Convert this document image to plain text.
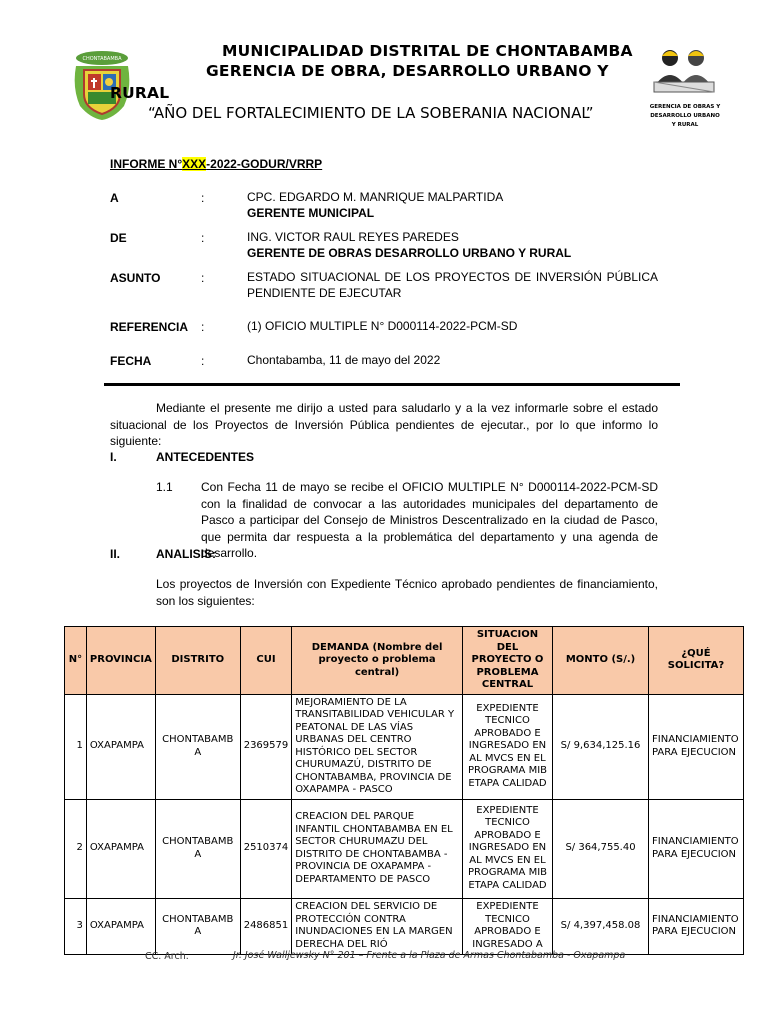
CHONTABAMBA	MUNICIPALIDAD DISTRITAL DE CHONTABAMBA
GERENCIA DE OBRA, DESARROLLO URBANO Y
RURAL
“AÑO DEL FORTALECIMIENTO DE LA SOBERANIA NACIONAL”	GERENCIA DE OBRAS Y
DESARROLLO URBANO Y RURAL
INFORME N°XXX-2022-GODUR/VRRP
A	:	CPC. EDGARDO M. MANRIQUE MALPARTIDA
GERENTE MUNICIPAL
DE	:	ING. VICTOR RAUL REYES PAREDES
GERENTE DE OBRAS DESARROLLO URBANO Y RURAL
ASUNTO	:	ESTADO SITUACIONAL DE LOS PROYECTOS DE INVERSIÓN PÚBLICA PENDIENTE DE EJECUTAR
REFERENCIA :	(1) OFICIO MULTIPLE N° D000114-2022-PCM-SD
FECHA	:	Chontabamba, 11 de mayo del 2022
Mediante el presente me dirijo a usted para saludarlo y a la vez informarle sobre el estado situacional de los Proyectos de Inversión Pública pendientes de ejecutar., por lo que informo lo siguiente:
I.	ANTECEDENTES
1.1 Con Fecha 11 de mayo se recibe el OFICIO MULTIPLE N° D000114-2022-PCM-SD con la finalidad de convocar a las autoridades municipales del departamento de Pasco a participar del Consejo de Ministros Descentralizado en la ciudad de Pasco, que permita dar respuesta a la problemática del departamento y una agenda de desarrollo.
II.	ANALISIS:
Los proyectos de Inversión con Expediente Técnico aprobado pendientes de financiamiento, son los siguientes:
N°	PROVINCIA	DISTRITO	CUI	DEMANDA (Nombre del proyecto o problema central)	SITUACION DEL PROYECTO O PROBLEMA CENTRAL	MONTO (S/.)	¿QUÉ SOLICITA?
1	OXAPAMPA	CHONTABAMBA	2369579	MEJORAMIENTO DE LA TRANSITABILIDAD VEHICULAR Y PEATONAL DE LAS VÍAS URBANAS DEL CENTRO HISTÓRICO DEL SECTOR CHURUMAZÚ, DISTRITO DE CHONTABAMBA, PROVINCIA DE OXAPAMPA - PASCO	EXPEDIENTE TECNICO APROBADO E INGRESADO EN AL MVCS EN EL PROGRAMA MIB ETAPA CALIDAD	S/ 9,634,125.16	FINANCIAMIENTO PARA EJECUCION
2	OXAPAMPA	CHONTABAMBA	2510374	CREACION DEL PARQUE INFANTIL CHONTABAMBA EN EL SECTOR CHURUMAZU DEL DISTRITO DE CHONTABAMBA - PROVINCIA DE OXAPAMPA - DEPARTAMENTO DE PASCO	EXPEDIENTE TECNICO APROBADO E INGRESADO EN AL MVCS EN EL PROGRAMA MIB ETAPA CALIDAD	S/ 364,755.40	FINANCIAMIENTO PARA EJECUCION
3	OXAPAMPA	CHONTABAMBA	2486851	CREACION DEL SERVICIO DE PROTECCIÓN CONTRA INUNDACIONES EN LA MARGEN DERECHA DEL RIÓ	EXPEDIENTE TECNICO APROBADO E INGRESADO A	S/ 4,397,458.08	FINANCIAMIENTO PARA EJECUCION
CC. Arch.	Jr. José Walljewsky N° 201 – Frente a la Plaza de Armas Chontabamba - Oxapampa
